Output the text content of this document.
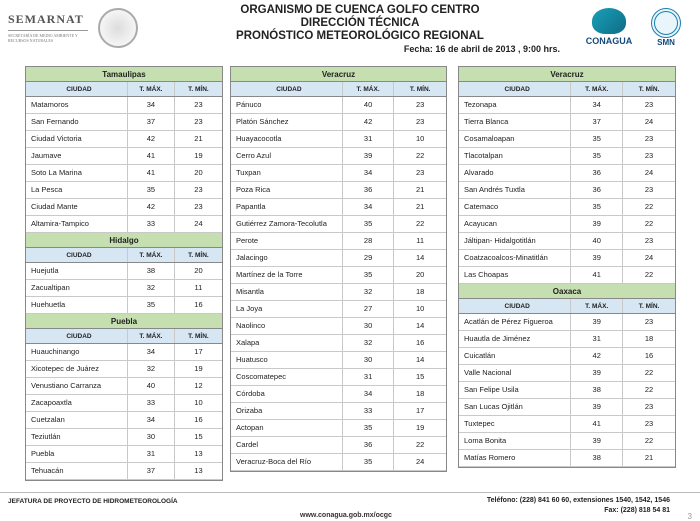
SEMARNAT
SECRETARÍA DE MEDIO AMBIENTE Y RECURSOS NATURALES
ORGANISMO DE CUENCA GOLFO CENTRO
DIRECCIÓN TÉCNICA
PRONÓSTICO METEOROLÓGICO REGIONAL
Fecha: 16 de abril de 2013 , 9:00 hrs.
CONAGUA	SMN
Tamaulipas
CIUDAD	T. MÁX.	T. MÍN.
Matamoros	34	23
San Fernando	37	23
Ciudad Victoria	42	21
Jaumave	41	19
Soto La Marina	41	20
La Pesca	35	23
Ciudad Mante	42	23
Altamira-Tampico	33	24
Hidalgo
CIUDAD	T. MÁX.	T. MÍN.
Huejutla	38	20
Zacualtipan	32	11
Huehuetla	35	16
Puebla
CIUDAD	T. MÁX.	T. MÍN.
Huauchinango	34	17
Xicotepec de Juárez	32	19
Venustiano Carranza	40	12
Zacapoaxtla	33	10
Cuetzalan	34	16
Teziutlán	30	15
Puebla	31	13
Tehuacán	37	13
Veracruz
CIUDAD	T. MÁX.	T. MÍN.
Pánuco	40	23
Platón Sánchez	42	23
Huayacocotla	31	10
Cerro Azul	39	22
Tuxpan	34	23
Poza Rica	36	21
Papantla	34	21
Gutiérrez Zamora-Tecolutla	35	22
Perote	28	11
Jalacingo	29	14
Martínez de la Torre	35	20
Misantla	32	18
La Joya	27	10
Naolinco	30	14
Xalapa	32	16
Huatusco	30	14
Coscomatepec	31	15
Córdoba	34	18
Orizaba	33	17
Actopan	35	19
Cardel	36	22
Veracruz-Boca del Río	35	24
Veracruz
CIUDAD	T. MÁX.	T. MÍN.
Tezonapa	34	23
Tierra Blanca	37	24
Cosamaloapan	35	23
Tlacotalpan	35	23
Alvarado	36	24
San Andrés Tuxtla	36	23
Catemaco	35	22
Acayucan	39	22
Jáltipan- Hidalgotitlán	40	23
Coatzacoalcos-Minatitlán	39	24
Las Choapas	41	22
Oaxaca
CIUDAD	T. MÁX.	T. MÍN.
Acatlán de Pérez Figueroa	39	23
Huautla de Jiménez	31	18
Cuicatlán	42	16
Valle Nacional	39	22
San Felipe Usila	38	22
San Lucas Ojitlán	39	23
Tuxtepec	41	23
Loma Bonita	39	22
Matías Romero	38	21
JEFATURA DE PROYECTO DE HIDROMETEOROLOGÍA
www.conagua.gob.mx/ocgc
Teléfono: (228) 841 60 60, extensiones 1540, 1542, 1546
Fax: (228) 818 54 81
3
